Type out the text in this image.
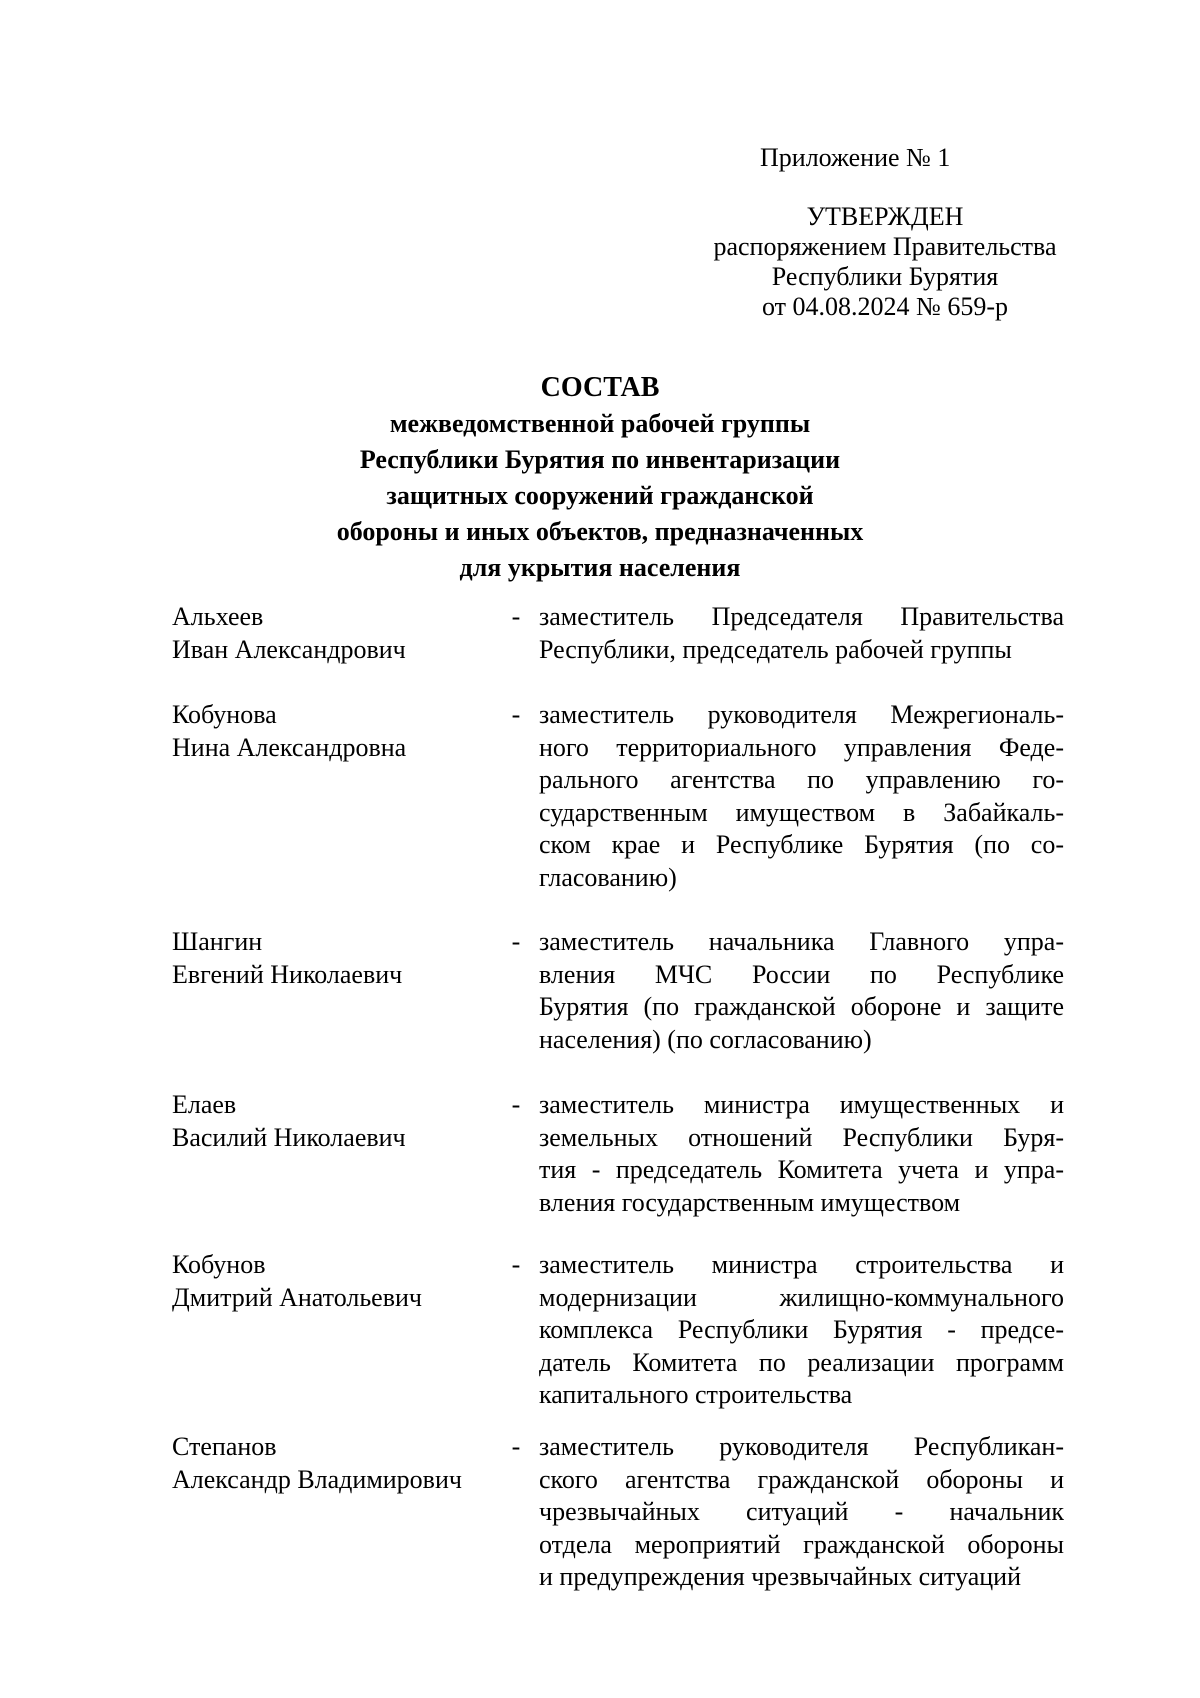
Приложение № 1
УТВЕРЖДЕН
распоряжением Правительства
Республики Бурятия
от 04.08.2024 № 659-р
СОСТАВ
межведомственной рабочей группы
Республики Бурятия по инвентаризации
защитных сооружений гражданской
обороны и иных объектов, предназначенных
для укрытия населения
Альхеев
Иван Александрович
- заместитель Председателя Правительства
Республики, председатель рабочей группы
Кобунова
Нина Александровна
- заместитель руководителя Межрегиональ-
ного территориального управления Феде-
рального агентства по управлению го-
сударственным имуществом в Забайкаль-
ском крае и Республике Бурятия (по со-
гласованию)
Шангин
Евгений Николаевич
- заместитель начальника Главного упра-
вления МЧС России по Республике
Бурятия (по гражданской обороне и защите
населения) (по согласованию)
Елаев
Василий Николаевич
- заместитель министра имущественных и
земельных отношений Республики Буря-
тия - председатель Комитета учета и упра-
вления государственным имуществом
Кобунов
Дмитрий Анатольевич
- заместитель министра строительства и
модернизации жилищно-коммунального
комплекса Республики Бурятия - предсе-
датель Комитета по реализации программ
капитального строительства
Степанов
Александр Владимирович
- заместитель руководителя Республикан-
ского агентства гражданской обороны и
чрезвычайных ситуаций - начальник
отдела мероприятий гражданской обороны
и предупреждения чрезвычайных ситуаций
